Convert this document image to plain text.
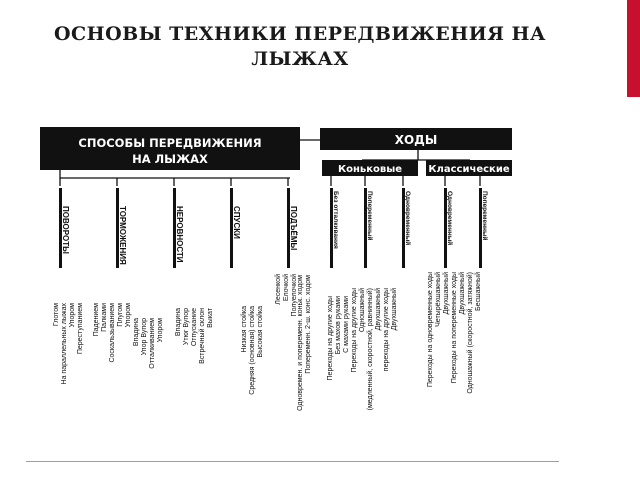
ОСНОВЫ ТЕХНИКИ ПЕРЕДВИЖЕНИЯ НА
ЛЫЖАХ
СПОСОБЫ ПЕРЕДВИЖЕНИЯ
НА ЛЫЖАХ
ХОДЫ
Коньковые	Классические
ПОВОРОТЫ	ТОРМОЖЕНИЯ	НЕРОВНОСТИ	СПУСКИ	ПОДЪЁМЫ	Без отталкивания	Попеременный	Одновременный	Одновременный	Попеременный
Переступанием
Упором
На параллельных лыжах
Глотом	Упором
Плугом
Соскальзыванием
Палками
Падением	Упором
Отталкиванием
Упор Вупор
Впадина
Выкат
Встречный склон
Отпускание
Утюг Вупор
Впадина	Высокая стойка
Средняя (основная) стойка
Низкая стойка
Полуелочкой
Елочкой
Лесенкой	Попеременн. 2-ш. конс. ходом
Одновремен. и попеременн. коньк. ходом	С махами руками
Без махов руками
Переходы на другие ходы	Двухшажный
переходы на другие ходы
Двухшажный
(медленный, скоростной, равнинный)
Одношажный
Переходы на другие ходы	Бесшажный
Одношажный (скоростной, затяжной)
Двухшажный
Переходы на попеременные ходы
Двухшажный
Четырёхшажный
Переходы на одновременные ходы
